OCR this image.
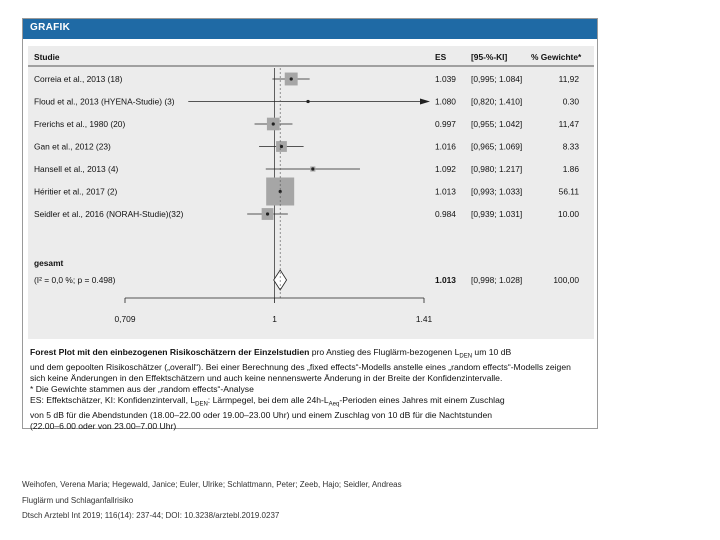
GRAFIK
Studie	ES	[95-%-KI]	% Gewichte*
Correia et al., 2013 (18)	1.039 [0,995; 1.084]	11,92
Floud et al., 2013 (HYENA-Studie) (3)	1.080 [0,820; 1.410]	0.30
Frerichs et al., 1980 (20)	0.997 [0,955; 1.042]	11,47
Gan et al., 2012 (23)	1.016 [0,965; 1.069]	8.33
Hansell et al., 2013 (4)	1.092 [0,980; 1.217]	1.86
Héritier et al., 2017 (2)	1.013 [0,993; 1.033]	56.11
Seidler et al., 2016 (NORAH-Studie)(32)	0.984 [0,939; 1.031]	10.00
gesamt
(I² = 0,0 %; p = 0.498)	1.013 [0,998; 1.028]	100,00
0,709	1	1.41
Forest Plot mit den einbezogenen Risikoschätzern der Einzelstudien pro Anstieg des Fluglärm-bezogenen $L_{DEN}$ um 10 dB
und dem gepoolten Risikoschätzer („overall“). Bei einer Berechnung des „fixed effects“-Modells anstelle eines „random effects“-Modells zeigen
sich keine Änderungen in den Effektschätzern und auch keine nennenswerte Änderung in der Breite der Konfidenzintervalle.
* Die Gewichte stammen aus der „random effects“-Analyse
ES: Effektschätzer, KI: Konfidenzintervall, $L_{DEN}$: Lärmpegel, bei dem alle $24h-L_{Aeq}$-Perioden eines Jahres mit einem Zuschlag
von 5 dB für die Abendstunden (18.00–22.00 oder 19.00–23.00 Uhr) und einem Zuschlag von 10 dB für die Nachtstunden
(22.00–6.00 oder von 23.00–7.00 Uhr)
Weihofen, Verena Maria; Hegewald, Janice; Euler, Ulrike; Schlattmann, Peter; Zeeb, Hajo; Seidler, Andreas
Fluglärm und Schlaganfallrisiko
Dtsch Arztebl Int 2019; 116(14): 237-44; DOI: 10.3238/arztebl.2019.0237
